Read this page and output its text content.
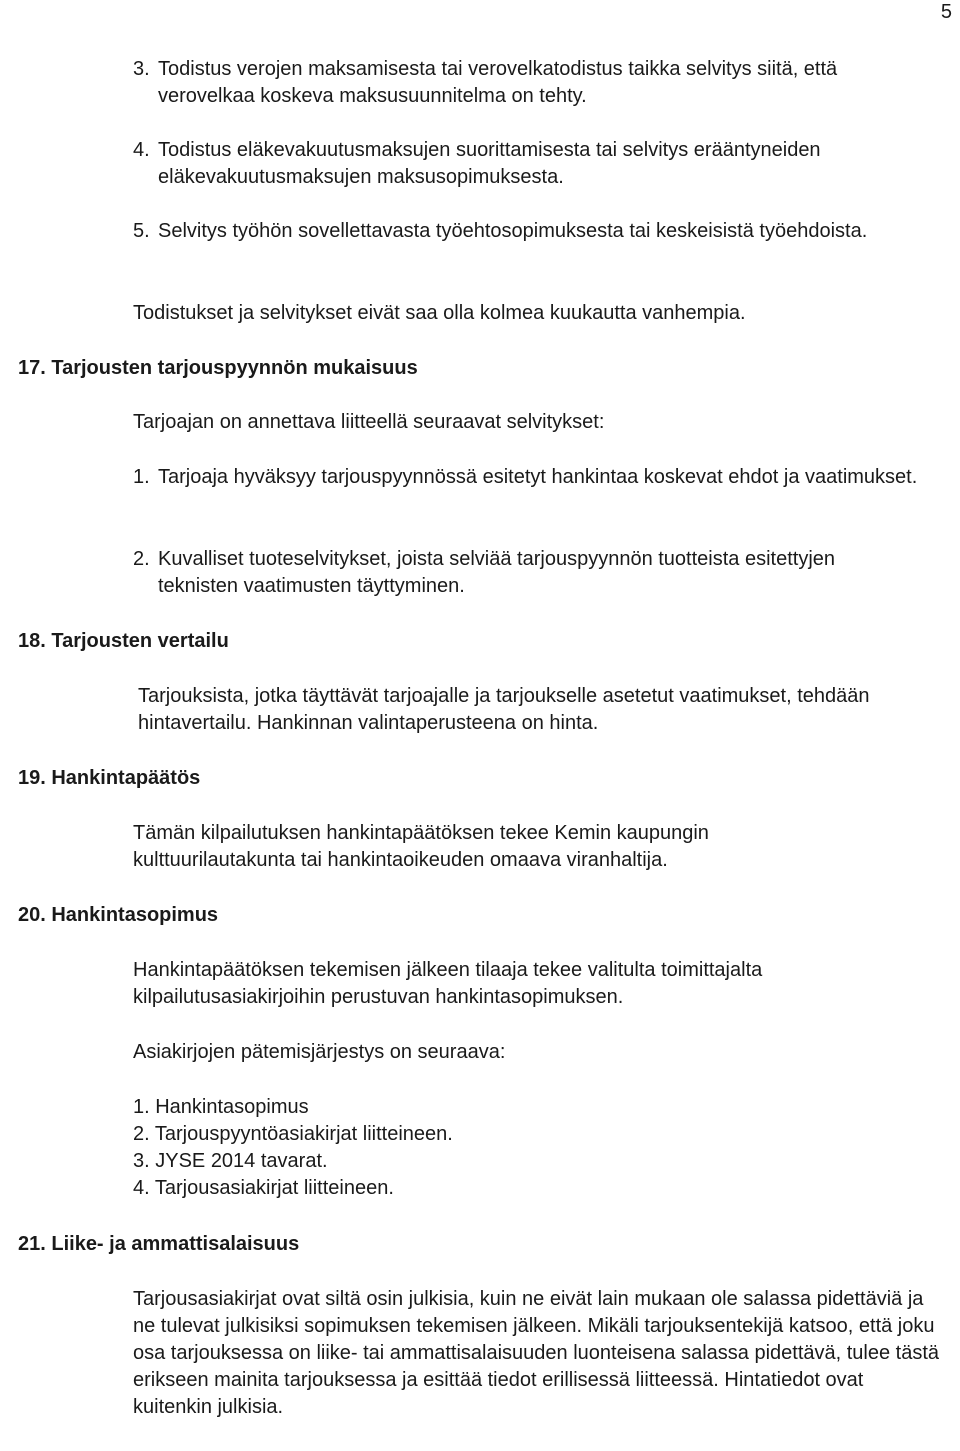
5
3. Todistus verojen maksamisesta tai verovelkatodistus taikka selvitys siitä, että verovelkaa koskeva maksusuunnitelma on tehty.
4. Todistus eläkevakuutusmaksujen suorittamisesta tai selvitys erääntyneiden eläkevakuutusmaksujen maksusopimuksesta.
5. Selvitys työhön sovellettavasta työehtosopimuksesta tai keskeisistä työehdoista.

Todistukset ja selvitykset eivät saa olla kolmea kuukautta vanhempia.

17. Tarjousten tarjouspyynnön mukaisuus

Tarjoajan on annettava liitteellä seuraavat selvitykset:

1. Tarjoaja hyväksyy tarjouspyynnössä esitetyt hankintaa koskevat ehdot ja vaatimukset.
2. Kuvalliset tuoteselvitykset, joista selviää tarjouspyynnön tuotteista esitettyjen teknisten vaatimusten täyttyminen.
18. Tarjousten vertailu

Tarjouksista, jotka täyttävät tarjoajalle ja tarjoukselle asetetut vaatimukset, tehdään hintavertailu. Hankinnan valintaperusteena on hinta.

19. Hankintapäätös

Tämän kilpailutuksen hankintapäätöksen tekee Kemin kaupungin kulttuurilautakunta tai hankintaoikeuden omaava viranhaltija.

20. Hankintasopimus

Hankintapäätöksen tekemisen jälkeen tilaaja tekee valitulta toimittajalta kilpailutusasiakirjoihin perustuvan hankintasopimuksen.

Asiakirjojen pätemisjärjestys on seuraava:

1. Hankintasopimus
2. Tarjouspyyntöasiakirjat liitteineen.
3. JYSE 2014 tavarat.
4. Tarjousasiakirjat liitteineen.
21. Liike- ja ammattisalaisuus

Tarjousasiakirjat ovat siltä osin julkisia, kuin ne eivät lain mukaan ole salassa pidettäviä ja ne tulevat julkisiksi sopimuksen tekemisen jälkeen. Mikäli tarjouksentekijä katsoo, että joku osa tarjouksessa on liike- tai ammattisalaisuuden luonteisena salassa pidettävä, tulee tästä erikseen mainita tarjouksessa ja esittää tiedot erillisessä liitteessä. Hintatiedot ovat kuitenkin julkisia.
